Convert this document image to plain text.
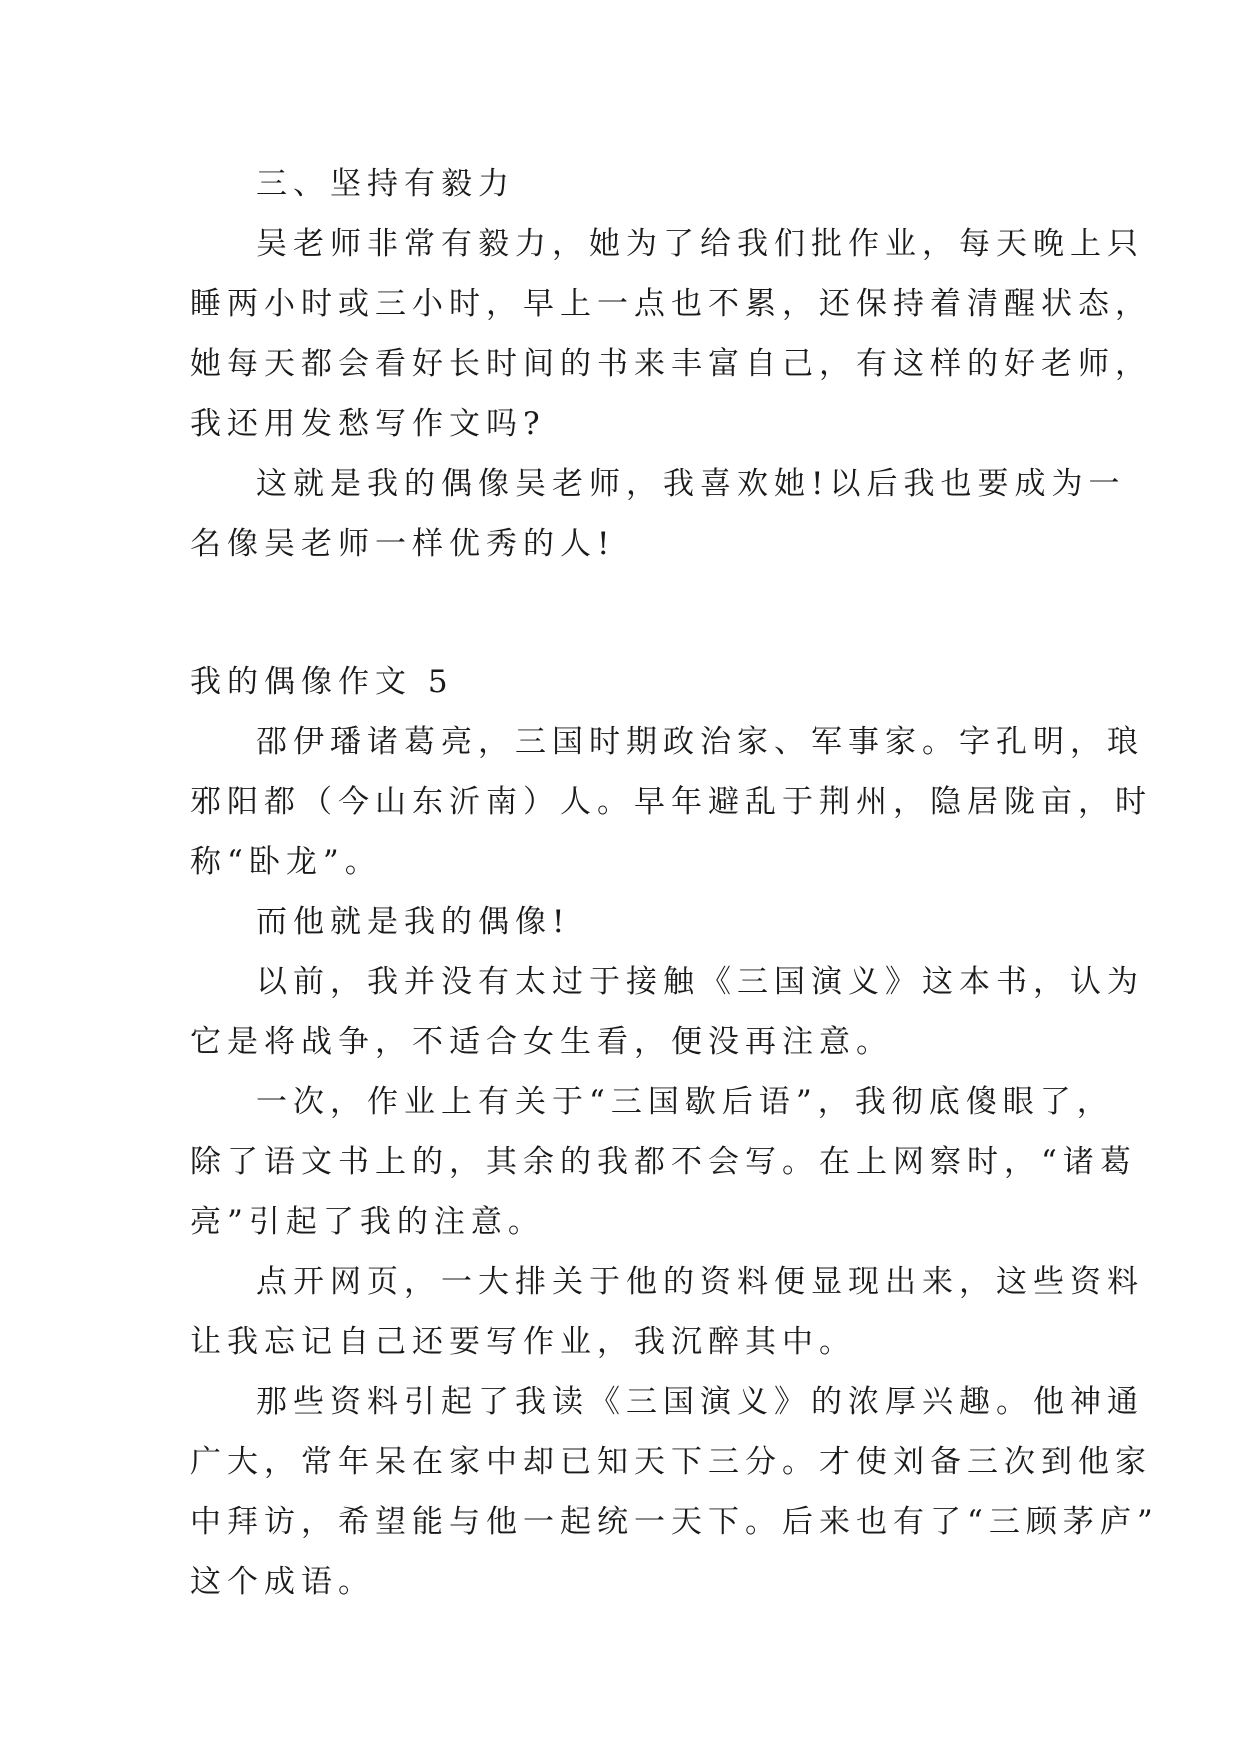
三、坚持有毅力
吴老师非常有毅力，她为了给我们批作业，每天晚上只
睡两小时或三小时，早上一点也不累，还保持着清醒状态，
她每天都会看好长时间的书来丰富自己，有这样的好老师，
我还用发愁写作文吗?
这就是我的偶像吴老师，我喜欢她!以后我也要成为一
名像吴老师一样优秀的人!
我的偶像作文 5
邵伊璠诸葛亮，三国时期政治家、军事家。字孔明，琅
邪阳都（今山东沂南）人。早年避乱于荆州，隐居陇亩，时
称“卧龙”。
而他就是我的偶像!
以前，我并没有太过于接触《三国演义》这本书，认为
它是将战争，不适合女生看，便没再注意。
一次，作业上有关于“三国歇后语”，我彻底傻眼了，
除了语文书上的，其余的我都不会写。在上网察时，“诸葛
亮”引起了我的注意。
点开网页，一大排关于他的资料便显现出来，这些资料
让我忘记自己还要写作业，我沉醉其中。
那些资料引起了我读《三国演义》的浓厚兴趣。他神通
广大，常年呆在家中却已知天下三分。才使刘备三次到他家
中拜访，希望能与他一起统一天下。后来也有了“三顾茅庐”
这个成语。
